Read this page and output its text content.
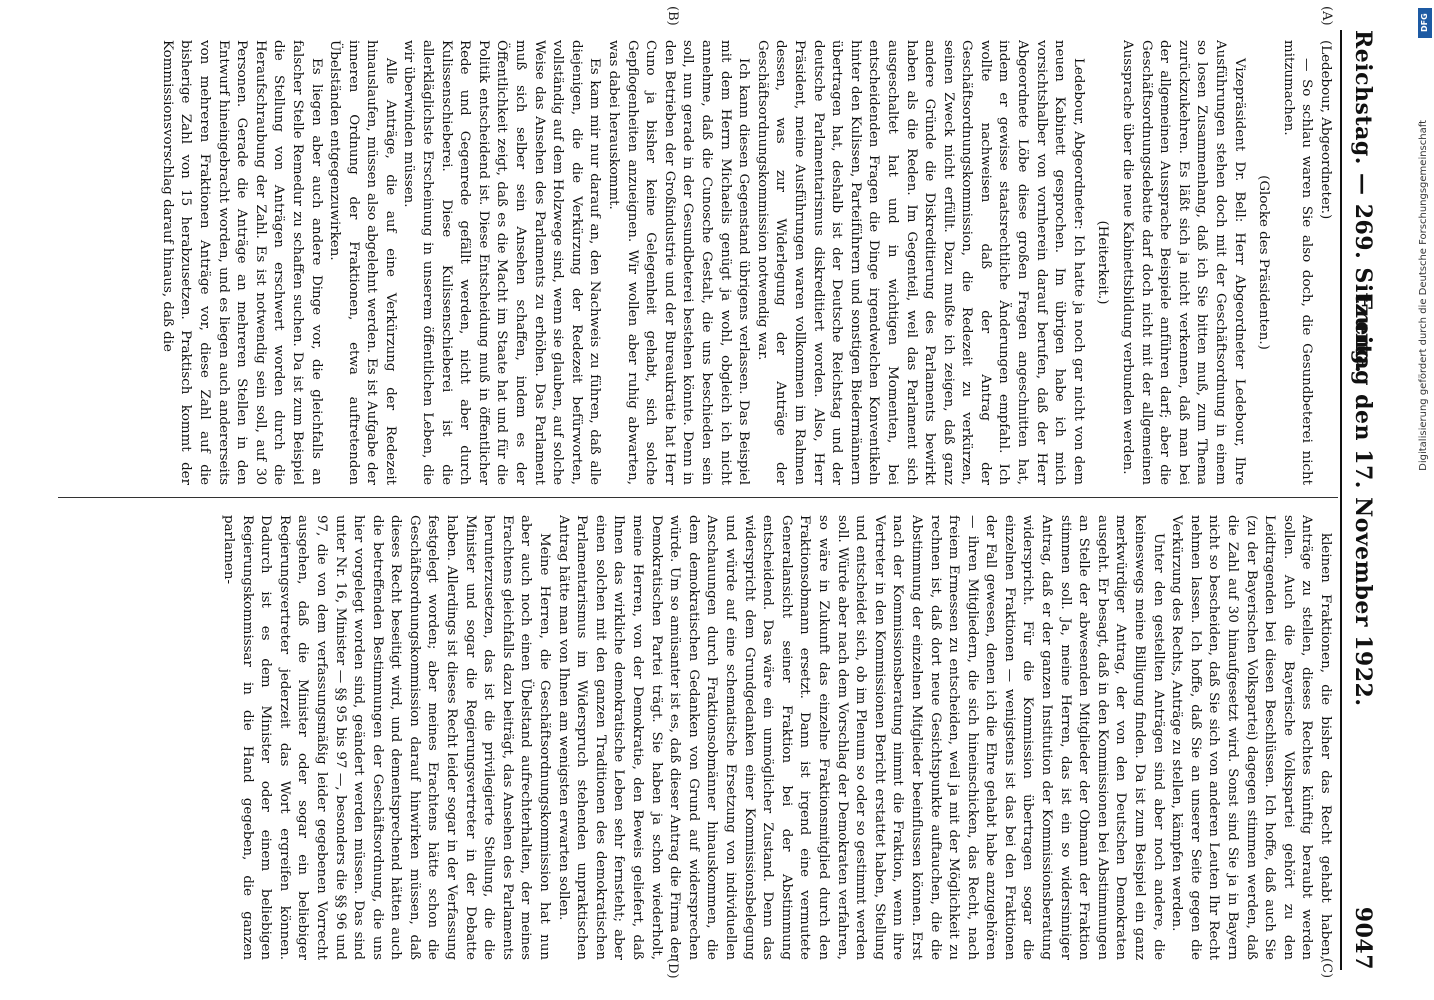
Reichstag. — 269. Sitzung.
Freitag den 17. November 1922.
9047
(A)
(B)
(C)
(D)

(Ledebour, Abgeordneter.)

— So schlau waren Sie also doch, die Gesundbeterei nicht mitzumachen.

(Glocke des Präsidenten.)

Vizepräsident Dr. Bell: Herr Abgeordneter Ledebour, Ihre Ausführungen stehen doch mit der Geschäftsordnung in einem so losen Zusammenhang, daß ich Sie bitten muß, zum Thema zurückzukehren. Es läßt sich ja nicht verkennen, daß man bei der allgemeinen Aussprache Beispiele anführen darf; aber die Geschäftsordnungsdebatte darf doch nicht mit der allgemeinen Aussprache über die neue Kabinettsbildung verbunden werden.

(Heiterkeit.)

Ledebour, Abgeordneter: Ich hatte ja noch gar nicht von dem neuen Kabinett gesprochen. Im übrigen habe ich mich vorsichtshalber von vornherein darauf berufen, daß der Herr Abgeordnete Löbe diese großen Fragen angeschnitten hat, indem er gewisse staatsrechtliche Änderungen empfahl. Ich wollte nachweisen daß der Antrag der Geschäftsordnungskommission, die Redezeit zu verkürzen, seinen Zweck nicht erfüllt. Dazu mußte ich zeigen, daß ganz andere Gründe die Diskreditierung des Parlaments bewirkt haben als die Reden. Im Gegenteil, weil das Parlament sich ausgeschaltet hat und in wichtigen Momenten, bei entscheidenden Fragen die Dinge irgendwelchen Konventikeln hinter den Kulissen, Parteiführern und sonstigen Biedermännern übertragen hat, deshalb ist der Deutsche Reichstag und der deutsche Parlamentarismus diskreditiert worden. Also, Herr Präsident, meine Ausführungen waren vollkommen im Rahmen dessen, was zur Widerlegung der Anträge der Geschäftsordnungskommission notwendig war.

Ich kann diesen Gegenstand übrigens verlassen. Das Beispiel mit dem Herrn Michaelis genügt ja wohl, obgleich ich nicht annehme, daß die Cunosche Gestalt, die uns beschieden sein soll, nun gerade in der Gesundbeterei bestehen könnte. Denn in den Betrieben der Großindustrie und der Bureaukratie hat Herr Cuno ja bisher keine Gelegenheit gehabt, sich solche Gepflogenheiten anzueignen. Wir wollen aber ruhig abwarten, was dabei herauskommt.

Es kam mir nur darauf an, den Nachweis zu führen, daß alle diejenigen, die die Verkürzung der Redezeit befürworten, vollständig auf dem Holzwege sind, wenn sie glauben, auf solche Weise das Ansehen des Parlaments zu erhöhen. Das Parlament muß sich selber sein Ansehen schaffen, indem es der Öffentlichkeit zeigt, daß es die Macht im Staate hat und für die Politik entscheidend ist. Diese Entscheidung muß in öffentlicher Rede und Gegenrede gefällt werden, nicht aber durch Kulissenschieberei. Diese Kulissenschieberei ist die allerkläglichste Erscheinung in unserem öffentlichen Leben, die wir überwinden müssen.

Alle Anträge, die auf eine Verkürzung der Redezeit hinauslaufen, müssen also abgelehnt werden. Es ist Aufgabe der inneren Ordnung der Fraktionen, etwa auftretenden Übelständen entgegenzuwirken.

Es liegen aber auch andere Dinge vor, die gleichfalls an falscher Stelle Remedur zu schaffen suchen. Da ist zum Beispiel die Stellung von Anträgen erschwert worden durch die Heraufschraubung der Zahl. Es ist notwendig sein soll, auf 30 Personen. Gerade die Anträge an mehreren Stellen in den Entwurf hineingebracht worden, und es liegen auch andererseits von mehreren Fraktionen Anträge vor, diese Zahl auf die bisherige Zahl von 15 herabzusetzen. Praktisch kommt der Kommissionsvorschlag darauf hinaus, daß die

kleinen Fraktionen, die bisher das Recht gehabt haben, Anträge zu stellen, dieses Rechtes künftig beraubt werden sollen. Auch die Bayerische Volkspartei gehört zu den Leidtragenden bei diesen Beschlüssen. Ich hoffe, daß auch Sie (zu der Bayerischen Volkspartei) dagegen stimmen werden, daß die Zahl auf 30 hinaufgesetzt wird. Sonst sind Sie ja in Bayern nicht so bescheiden, daß Sie sich von anderen Leuten Ihr Recht nehmen lassen. Ich hoffe, daß Sie an unserer Seite gegen die Verkürzung des Rechts, Anträge zu stellen, kämpfen werden.

Unter den gestellten Anträgen sind aber noch andere, die keineswegs meine Billigung finden. Da ist zum Beispiel ein ganz merkwürdiger Antrag, der von den Deutschen Demokraten ausgeht. Er besagt, daß in den Kommissionen bei Abstimmungen an Stelle der abwesenden Mitglieder der Obmann der Fraktion stimmen soll. Ja, meine Herren, das ist ein so widersinniger Antrag, daß er der ganzen Institution der Kommissionsberatung widerspricht. Für die Kommission übertragen sogar die einzelnen Fraktionen — wenigstens ist das bei den Fraktionen der Fall gewesen, denen ich die Ehre gehabt habe anzugehören — ihren Mitgliedern, die sich hineinschicken, das Recht, nach freiem Ermessen zu entscheiden, weil ja mit der Möglichkeit zu rechnen ist, daß dort neue Gesichtspunkte auftauchen, die die Abstimmung der einzelnen Mitglieder beeinflussen können. Erst nach der Kommissionsberatung nimmt die Fraktion, wenn ihre Vertreter in den Kommissionen Bericht erstattet haben, Stellung und entscheidet sich, ob im Plenum so oder so gestimmt werden soll. Würde aber nach dem Vorschlag der Demokraten verfahren, so wäre in Zukunft das einzelne Fraktionsmitglied durch den Fraktionsobmann ersetzt. Dann ist irgend eine vermutete Generalansicht seiner Fraktion bei der Abstimmung entscheidend. Das wäre ein unmöglicher Zustand. Denn das widerspricht dem Grundgedanken einer Kommissionsbelegung und würde auf eine schematische Ersetzung von individuellen Anschauungen durch Fraktionsobmänner hinauskommen, die dem demokratischen Gedanken von Grund auf widersprechen würde. Um so amüsanter ist es, daß dieser Antrag die Firma der Demokratischen Partei trägt. Sie haben ja schon wiederholt, meine Herren, von der Demokratie, den Beweis geliefert, daß Ihnen das wirkliche demokratische Leben sehr fernsteht; aber einen solchen mit den ganzen Traditionen des demokratischen Parlamentarismus im Widerspruch stehenden unpraktischen Antrag hätte man von Ihnen am wenigsten erwarten sollen.

Meine Herren, die Geschäftsordnungskommission hat nun aber auch noch einen Übelstand aufrechterhalten, der meines Erachtens gleichfalls dazu beiträgt, das Ansehen des Parlaments herunterzusetzen, das ist die privilegierte Stellung, die die Minister und sogar die Regierungsvertreter in der Debatte haben. Allerdings ist dieses Recht leider sogar in der Verfassung festgelegt worden; aber meines Erachtens hätte schon die Geschäftsordnungskommission darauf hinwirken müssen, daß dieses Recht beseitigt wird, und dementsprechend hätten auch die betreffenden Bestimmungen der Geschäftsordnung, die uns hier vorgelegt worden sind, geändert werden müssen. Das sind unter Nr. 16, Minister — §§ 95 bis 97 —, besonders die §§ 96 und 97, die von dem verfassungsmäßig leider gegebenen Vorrecht ausgehen, daß die Minister oder sogar ein beliebiger Regierungsvertreter jederzeit das Wort ergreifen können. Dadurch ist es dem Minister oder einem beliebigen Regierungskommissar in die Hand gegeben, die ganzen parlamen-

DFG
Digitalisierung gefördert durch die Deutsche Forschungsgemeinschaft
